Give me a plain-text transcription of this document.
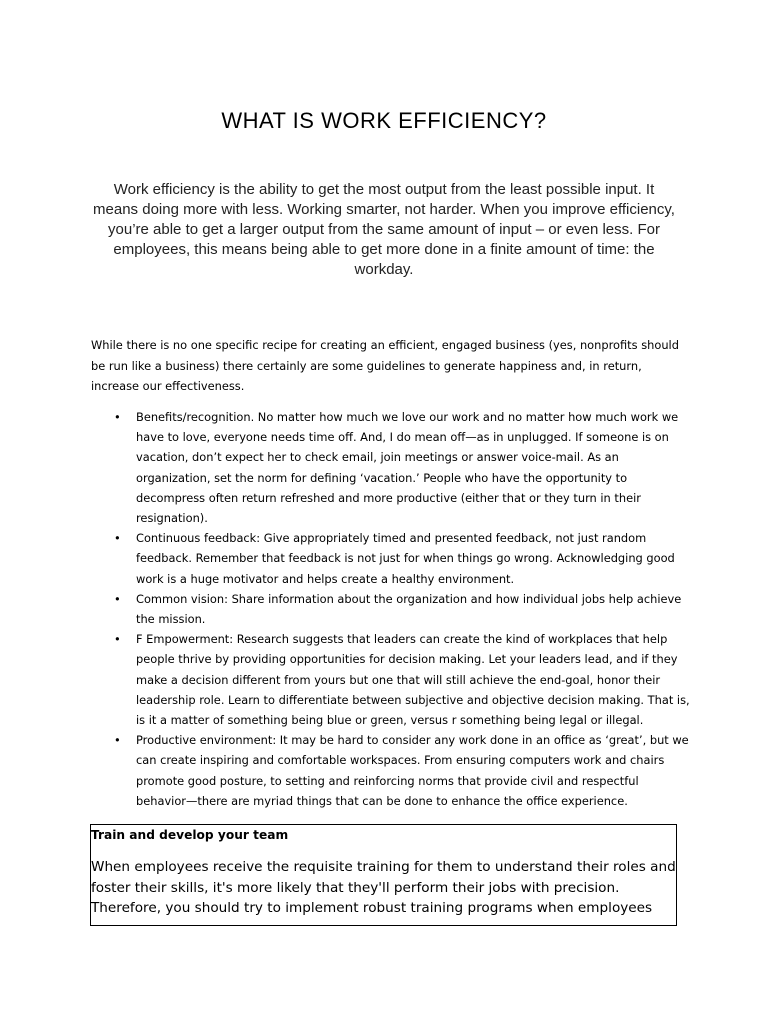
WHAT IS WORK EFFICIENCY?

Work efficiency is the ability to get the most output from the least possible input. It means doing more with less. Working smarter, not harder. When you improve efficiency, you’re able to get a larger output from the same amount of input – or even less. For employees, this means being able to get more done in a finite amount of time: the workday.

While there is no one specific recipe for creating an efficient, engaged business (yes, nonprofits should be run like a business) there certainly are some guidelines to generate happiness and, in return, increase our effectiveness.

• Benefits/recognition. No matter how much we love our work and no matter how much work we have to love, everyone needs time off. And, I do mean off—as in unplugged. If someone is on vacation, don’t expect her to check email, join meetings or answer voice-mail. As an organization, set the norm for defining ‘vacation.’ People who have the opportunity to decompress often return refreshed and more productive (either that or they turn in their resignation).
• Continuous feedback: Give appropriately timed and presented feedback, not just random feedback. Remember that feedback is not just for when things go wrong. Acknowledging good work is a huge motivator and helps create a healthy environment.
• Common vision: Share information about the organization and how individual jobs help achieve the mission.
• F Empowerment: Research suggests that leaders can create the kind of workplaces that help people thrive by providing opportunities for decision making. Let your leaders lead, and if they make a decision different from yours but one that will still achieve the end-goal, honor their leadership role. Learn to differentiate between subjective and objective decision making. That is, is it a matter of something being blue or green, versus r something being legal or illegal.
• Productive environment: It may be hard to consider any work done in an office as ‘great’, but we can create inspiring and comfortable workspaces. From ensuring computers work and chairs promote good posture, to setting and reinforcing norms that provide civil and respectful behavior—there are myriad things that can be done to enhance the office experience.

Train and develop your team

When employees receive the requisite training for them to understand their roles and foster their skills, it's more likely that they'll perform their jobs with precision. Therefore, you should try to implement robust training programs when employees
